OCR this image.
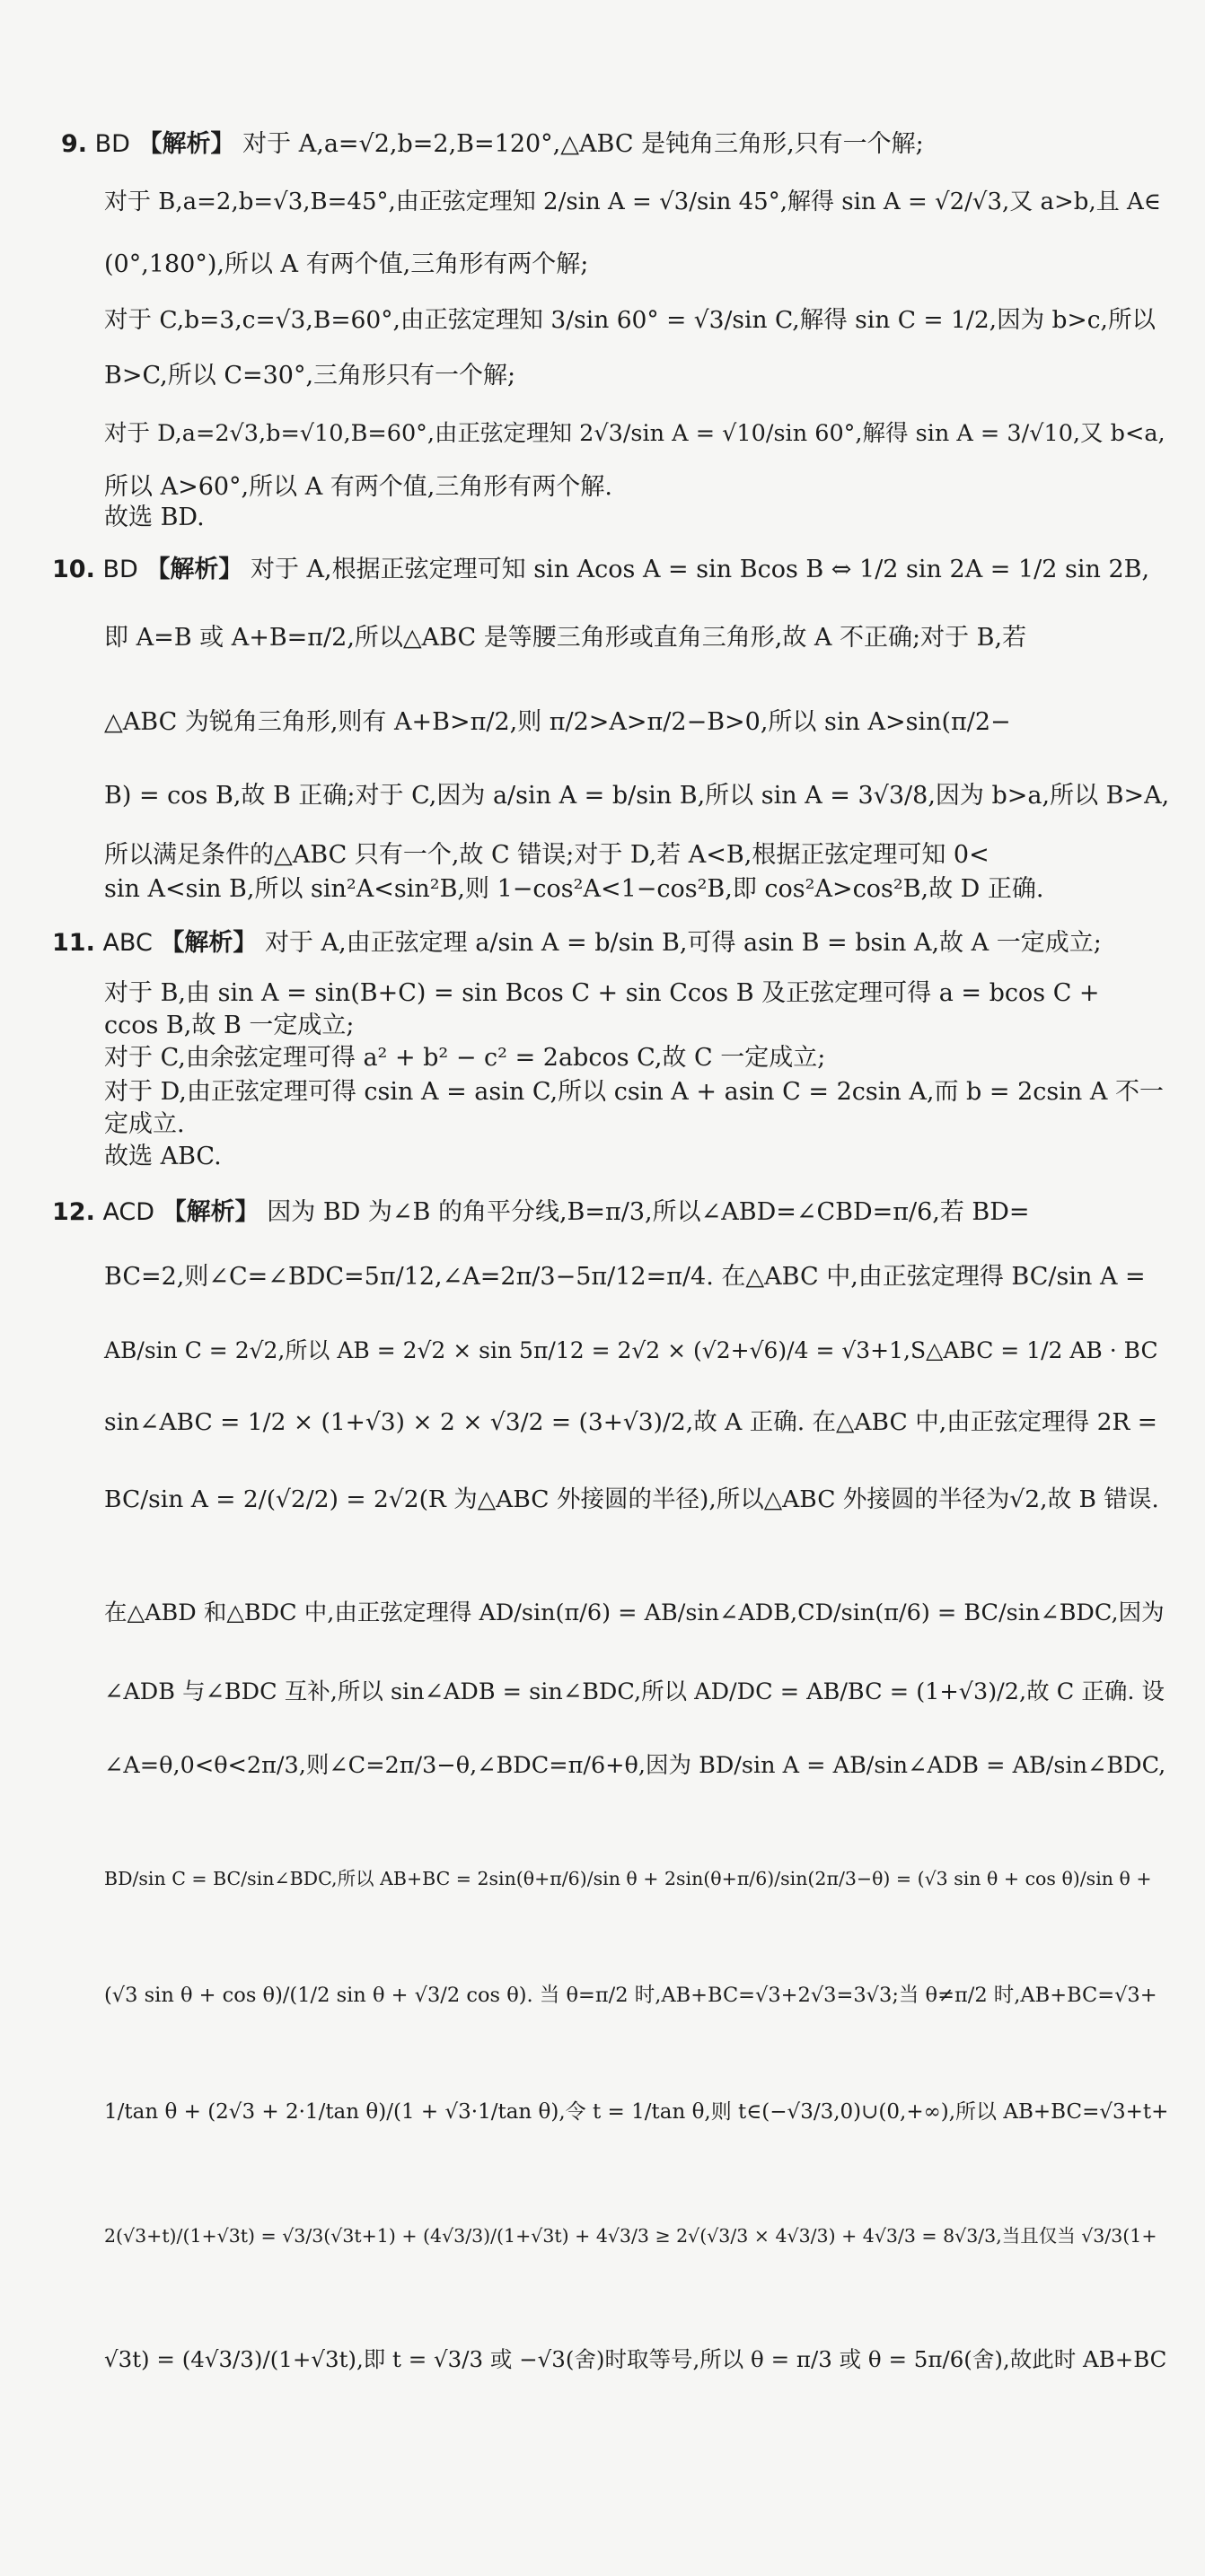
9. BD 【解析】 对于 A,a=√2,b=2,B=120°,△ABC 是钝角三角形,只有一个解;
对于 B,a=2,b=√3,B=45°,由正弦定理知 2/sin A = √3/sin 45°,解得 sin A = √2/√3,又 a>b,且 A∈
(0°,180°),所以 A 有两个值,三角形有两个解;
对于 C,b=3,c=√3,B=60°,由正弦定理知 3/sin 60° = √3/sin C,解得 sin C = 1/2,因为 b>c,所以
B>C,所以 C=30°,三角形只有一个解;
对于 D,a=2√3,b=√10,B=60°,由正弦定理知 2√3/sin A = √10/sin 60°,解得 sin A = 3/√10,又 b<a,
所以 A>60°,所以 A 有两个值,三角形有两个解.
故选 BD.
10. BD 【解析】 对于 A,根据正弦定理可知 sin Acos A = sin Bcos B ⇔ 1/2 sin 2A = 1/2 sin 2B,
即 A=B 或 A+B=π/2,所以△ABC 是等腰三角形或直角三角形,故 A 不正确;对于 B,若
△ABC 为锐角三角形,则有 A+B>π/2,则 π/2>A>π/2−B>0,所以 sin A>sin(π/2−
B) = cos B,故 B 正确;对于 C,因为 a/sin A = b/sin B,所以 sin A = 3√3/8,因为 b>a,所以 B>A,
所以满足条件的△ABC 只有一个,故 C 错误;对于 D,若 A<B,根据正弦定理可知 0<
sin A<sin B,所以 sin²A<sin²B,则 1−cos²A<1−cos²B,即 cos²A>cos²B,故 D 正确.
11. ABC 【解析】 对于 A,由正弦定理 a/sin A = b/sin B,可得 asin B = bsin A,故 A 一定成立;
对于 B,由 sin A = sin(B+C) = sin Bcos C + sin Ccos B 及正弦定理可得 a = bcos C +
ccos B,故 B 一定成立;
对于 C,由余弦定理可得 a² + b² − c² = 2abcos C,故 C 一定成立;
对于 D,由正弦定理可得 csin A = asin C,所以 csin A + asin C = 2csin A,而 b = 2csin A 不一
定成立.
故选 ABC.
12. ACD 【解析】 因为 BD 为∠B 的角平分线,B=π/3,所以∠ABD=∠CBD=π/6,若 BD=
BC=2,则∠C=∠BDC=5π/12,∠A=2π/3−5π/12=π/4. 在△ABC 中,由正弦定理得 BC/sin A =
AB/sin C = 2√2,所以 AB = 2√2 × sin 5π/12 = 2√2 × (√2+√6)/4 = √3+1,S△ABC = 1/2 AB · BC
sin∠ABC = 1/2 × (1+√3) × 2 × √3/2 = (3+√3)/2,故 A 正确. 在△ABC 中,由正弦定理得 2R =
BC/sin A = 2/(√2/2) = 2√2(R 为△ABC 外接圆的半径),所以△ABC 外接圆的半径为√2,故 B 错误.
在△ABD 和△BDC 中,由正弦定理得 AD/sin(π/6) = AB/sin∠ADB,CD/sin(π/6) = BC/sin∠BDC,因为
∠ADB 与∠BDC 互补,所以 sin∠ADB = sin∠BDC,所以 AD/DC = AB/BC = (1+√3)/2,故 C 正确. 设
∠A=θ,0<θ<2π/3,则∠C=2π/3−θ,∠BDC=π/6+θ,因为 BD/sin A = AB/sin∠ADB = AB/sin∠BDC,
BD/sin C = BC/sin∠BDC,所以 AB+BC = 2sin(θ+π/6)/sin θ + 2sin(θ+π/6)/sin(2π/3−θ) = (√3 sin θ + cos θ)/sin θ +
(√3 sin θ + cos θ)/(1/2 sin θ + √3/2 cos θ). 当 θ=π/2 时,AB+BC=√3+2√3=3√3;当 θ≠π/2 时,AB+BC=√3+
1/tan θ + (2√3 + 2·1/tan θ)/(1 + √3·1/tan θ),令 t = 1/tan θ,则 t∈(−√3/3,0)∪(0,+∞),所以 AB+BC=√3+t+
2(√3+t)/(1+√3t) = √3/3(√3t+1) + (4√3/3)/(1+√3t) + 4√3/3 ≥ 2√(√3/3 × 4√3/3) + 4√3/3 = 8√3/3,当且仅当 √3/3(1+
√3t) = (4√3/3)/(1+√3t),即 t = √3/3 或 −√3(舍)时取等号,所以 θ = π/3 或 θ = 5π/6(舍),故此时 AB+BC
